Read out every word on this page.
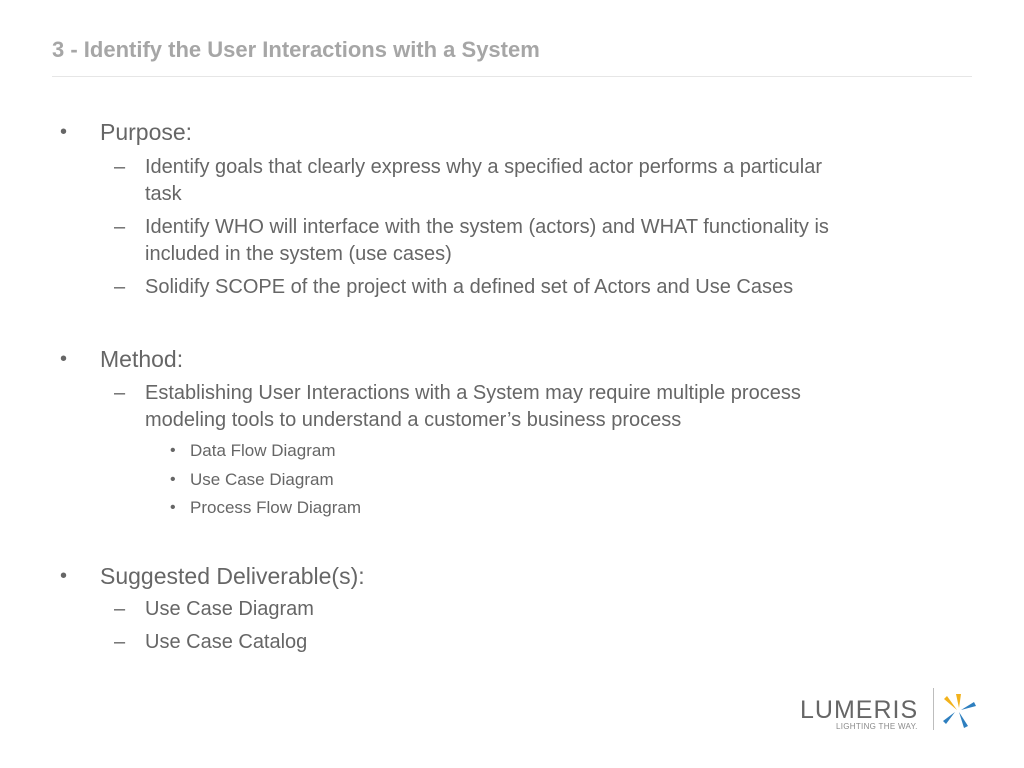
3 - Identify the User Interactions with a System
• Purpose:
– Identify goals that clearly express why a specified actor performs a particular
task
– Identify WHO will interface with the system (actors) and WHAT functionality is
included in the system (use cases)
– Solidify SCOPE of the project with a defined set of Actors and Use Cases
• Method:
– Establishing User Interactions with a System may require multiple process
modeling tools to understand a customer’s business process
• Data Flow Diagram
• Use Case Diagram
• Process Flow Diagram
• Suggested Deliverable(s):
– Use Case Diagram
– Use Case Catalog
LUMERIS
LIGHTING THE WAY.
